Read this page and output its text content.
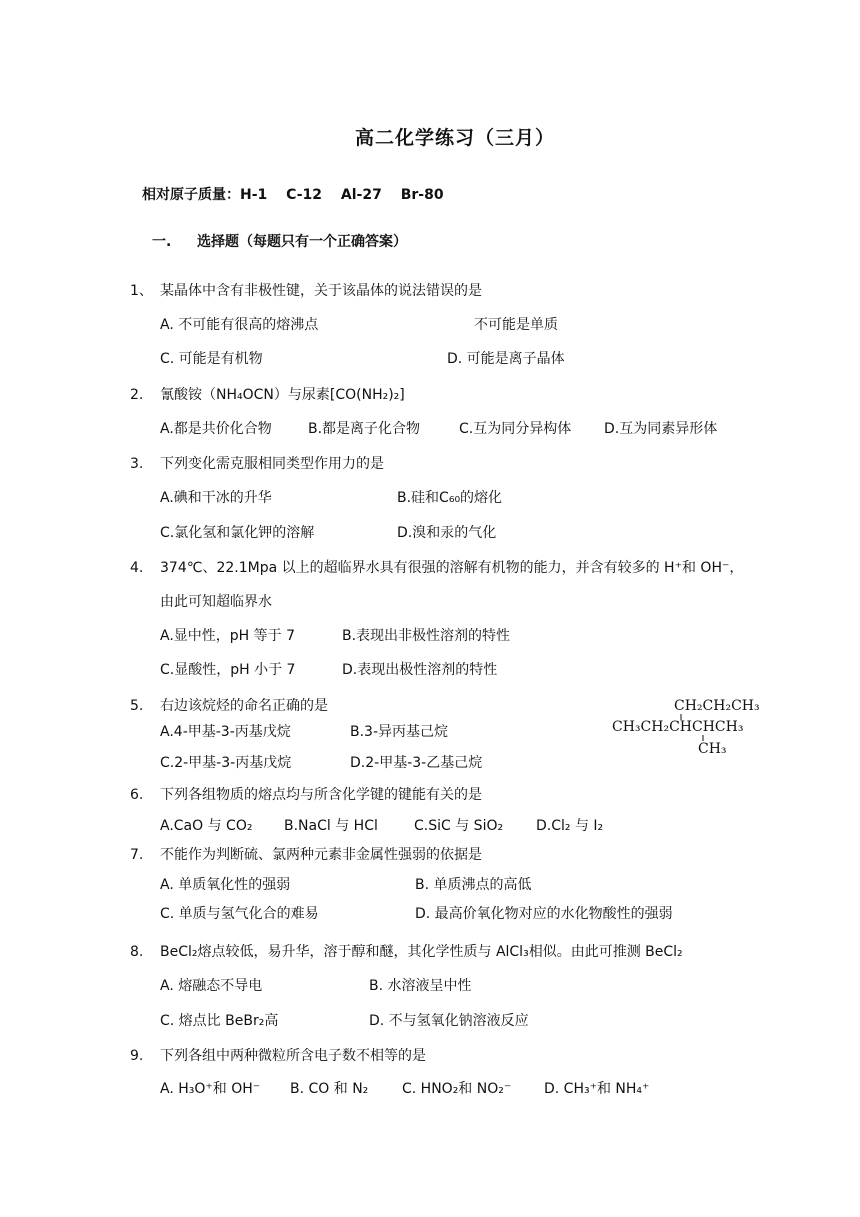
高二化学练习（三月）
相对原子质量：H-1　 C-12　 Al-27　 Br-80
一. 选择题（每题只有一个正确答案）
1、 某晶体中含有非极性键，关于该晶体的说法错误的是
A. 不可能有很高的熔沸点	不可能是单质
C. 可能是有机物	D. 可能是离子晶体
2. 氰酸铵（NH₄OCN）与尿素[CO(NH₂)₂]
A.都是共价化合物	B.都是离子化合物	C.互为同分异构体 D.互为同素异形体
3. 下列变化需克服相同类型作用力的是
A.碘和干冰的升华	B.硅和C₆₀的熔化
C.氯化氢和氯化钾的溶解	D.溴和汞的气化
4. 374℃、22.1Mpa 以上的超临界水具有很强的溶解有机物的能力，并含有较多的 H⁺和 OH⁻，
由此可知超临界水
A.显中性，pH 等于 7	B.表现出非极性溶剂的特性
C.显酸性，pH 小于 7	D.表现出极性溶剂的特性
5. 右边该烷烃的命名正确的是
A.4-甲基-3-丙基戊烷	B.3-异丙基己烷
C.2-甲基-3-丙基戊烷	D.2-甲基-3-乙基己烷
CH₂CH₂CH₃
CH₃CH₂CHCHCH₃
CH₃
6. 下列各组物质的熔点均与所含化学键的键能有关的是
A.CaO 与 CO₂ B.NaCl 与 HCl	C.SiC 与 SiO₂ D.Cl₂ 与 I₂
7. 不能作为判断硫、氯两种元素非金属性强弱的依据是
A. 单质氧化性的强弱	B. 单质沸点的高低
C. 单质与氢气化合的难易	D. 最高价氧化物对应的水化物酸性的强弱
8. BeCl₂熔点较低，易升华，溶于醇和醚，其化学性质与 AlCl₃相似。由此可推测 BeCl₂
A. 熔融态不导电	B. 水溶液呈中性
C. 熔点比 BeBr₂高	D. 不与氢氧化钠溶液反应
9. 下列各组中两种微粒所含电子数不相等的是
A. H₃O⁺和 OH⁻ B. CO 和 N₂ C. HNO₂和 NO₂⁻ D. CH₃⁺和 NH₄⁺
